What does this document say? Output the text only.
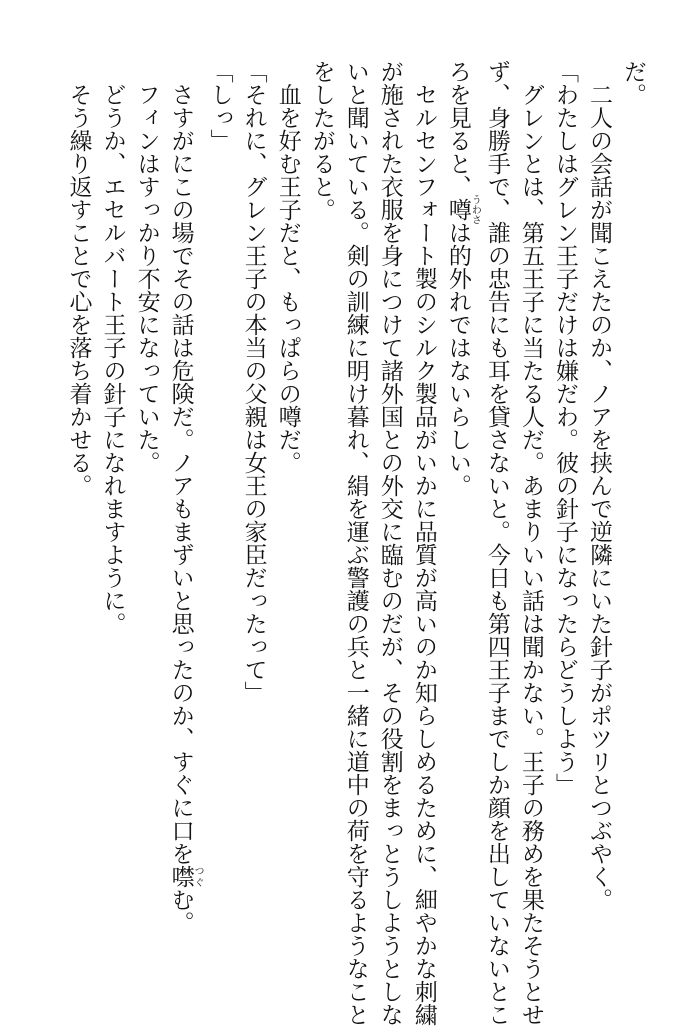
だ。
二人の会話が聞こえたのか、ノアを挟んで逆隣にいた針子がポツリとつぶやく。
「わたしはグレン王子だけは嫌だわ。彼の針子になったらどうしよう」
グレンとは、第五王子に当たる人だ。あまりいい話は聞かない。王子の務めを果たそうとせ
ず、身勝手で、誰の忠告にも耳を貸さないと。今日も第四王子までしか顔を出していないとこ
ろを見ると、噂うわさは的外れではないらしい。
セルセンフォート製のシルク製品がいかに品質が高いのか知らしめるために、細やかな刺繍
が施された衣服を身につけて諸外国との外交に臨むのだが、その役割をまっとうしようとしな
いと聞いている。剣の訓練に明け暮れ、絹を運ぶ警護の兵と一緒に道中の荷を守るようなこと
をしたがると。
血を好む王子だと、もっぱらの噂だ。
「それに、グレン王子の本当の父親は女王の家臣だったって」
「しっ」
さすがにこの場でその話は危険だ。ノアもまずいと思ったのか、すぐに口を噤つぐむ。
フィンはすっかり不安になっていた。
どうか、エセルバート王子の針子になれますように。
そう繰り返すことで心を落ち着かせる。
